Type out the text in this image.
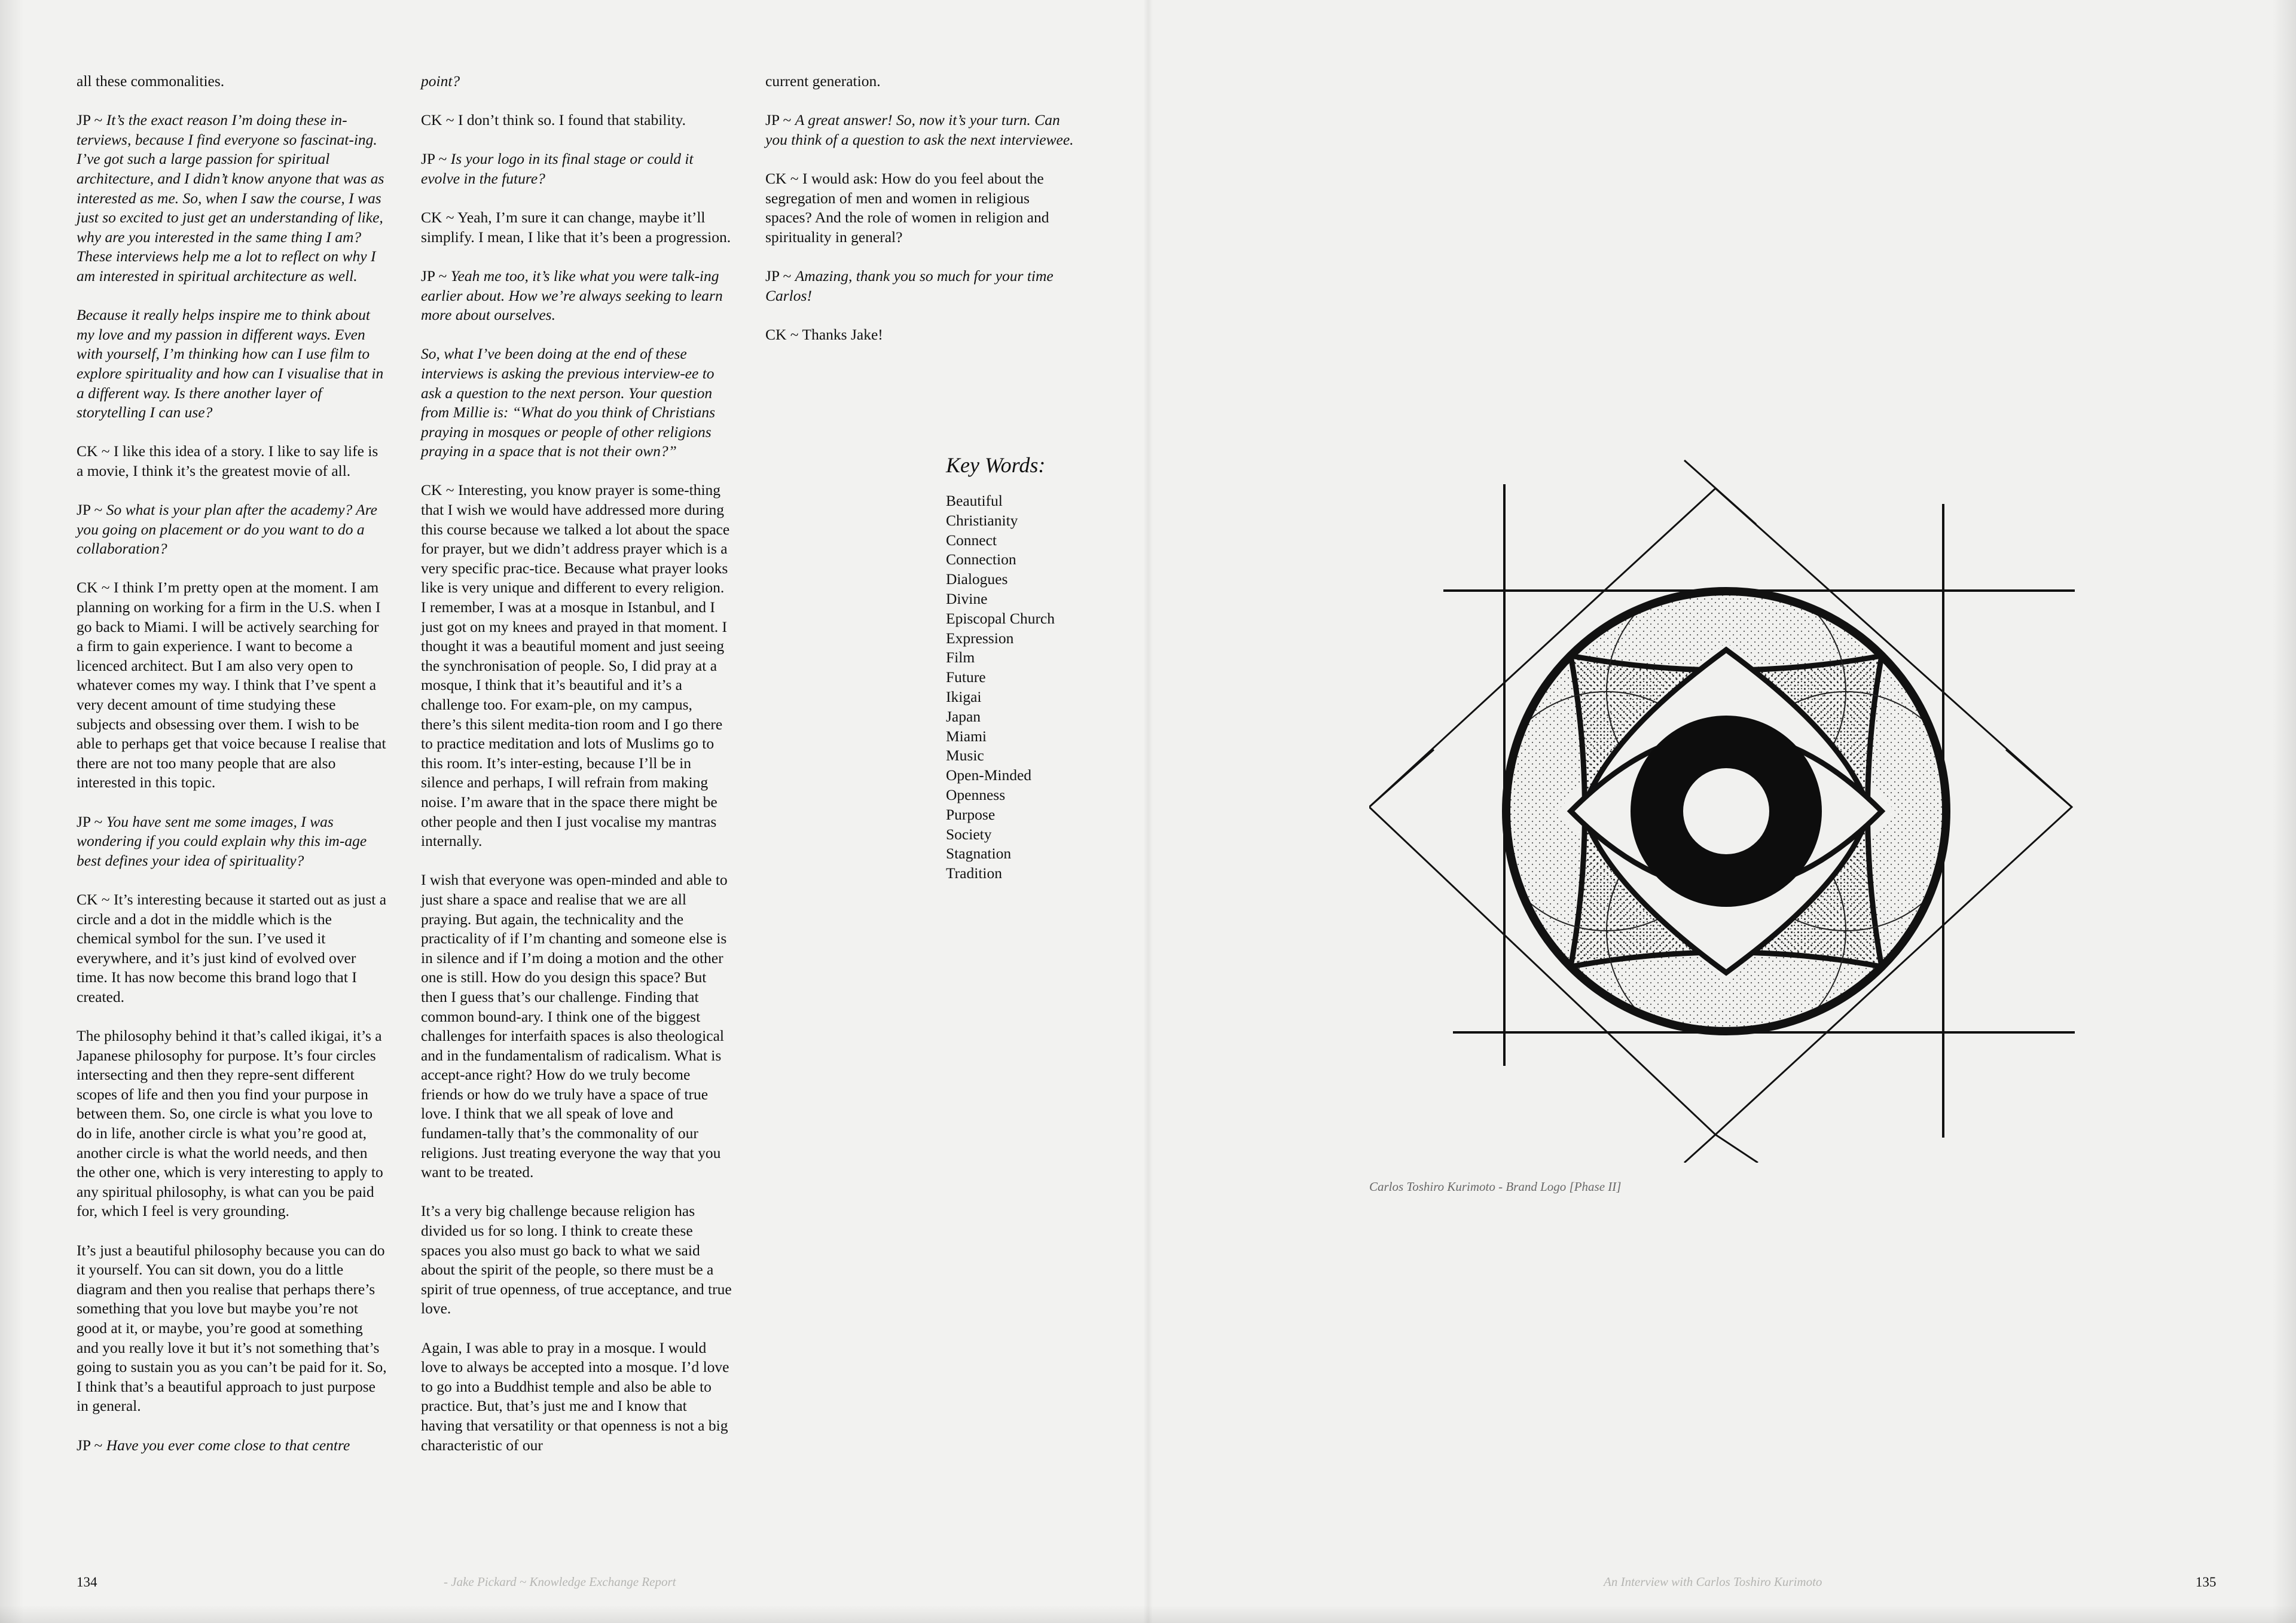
all these commonalities.

JP ~ It’s the exact reason I’m doing these in-terviews, because I find everyone so fascinat-ing. I’ve got such a large passion for spiritual architecture, and I didn’t know anyone that was as interested as me. So, when I saw the course, I was just so excited to just get an understanding of like, why are you interested in the same thing I am? These interviews help me a lot to reflect on why I am interested in spiritual architecture as well.

Because it really helps inspire me to think about my love and my passion in different ways. Even with yourself, I’m thinking how can I use film to explore spirituality and how can I visualise that in a different way. Is there another layer of storytelling I can use?

CK ~ I like this idea of a story. I like to say life is a movie, I think it’s the greatest movie of all.

JP ~ So what is your plan after the academy? Are you going on placement or do you want to do a collaboration?

CK ~ I think I’m pretty open at the moment. I am planning on working for a firm in the U.S. when I go back to Miami. I will be actively searching for a firm to gain experience. I want to become a licenced architect. But I am also very open to whatever comes my way. I think that I’ve spent a very decent amount of time studying these subjects and obsessing over them. I wish to be able to perhaps get that voice because I realise that there are not too many people that are also interested in this topic.

JP ~ You have sent me some images, I was wondering if you could explain why this im-age best defines your idea of spirituality?

CK ~ It’s interesting because it started out as just a circle and a dot in the middle which is the chemical symbol for the sun. I’ve used it everywhere, and it’s just kind of evolved over time. It has now become this brand logo that I created.

The philosophy behind it that’s called ikigai, it’s a Japanese philosophy for purpose. It’s four circles intersecting and then they repre-sent different scopes of life and then you find your purpose in between them. So, one circle is what you love to do in life, another circle is what you’re good at, another circle is what the world needs, and then the other one, which is very interesting to apply to any spiritual philosophy, is what can you be paid for, which I feel is very grounding.

It’s just a beautiful philosophy because you can do it yourself. You can sit down, you do a little diagram and then you realise that perhaps there’s something that you love but maybe you’re not good at it, or maybe, you’re good at something and you really love it but it’s not something that’s going to sustain you as you can’t be paid for it. So, I think that’s a beautiful approach to just purpose in general.

JP ~ Have you ever come close to that centre

point?

CK ~ I don’t think so. I found that stability.

JP ~ Is your logo in its final stage or could it evolve in the future?

CK ~ Yeah, I’m sure it can change, maybe it’ll simplify. I mean, I like that it’s been a progression.

JP ~ Yeah me too, it’s like what you were talk-ing earlier about. How we’re always seeking to learn more about ourselves.

So, what I’ve been doing at the end of these interviews is asking the previous interview-ee to ask a question to the next person. Your question from Millie is: “What do you think of Christians praying in mosques or people of other religions praying in a space that is not their own?”

CK ~ Interesting, you know prayer is some-thing that I wish we would have addressed more during this course because we talked a lot about the space for prayer, but we didn’t address prayer which is a very specific prac-tice. Because what prayer looks like is very unique and different to every religion.

I remember, I was at a mosque in Istanbul, and I just got on my knees and prayed in that moment. I thought it was a beautiful moment and just seeing the synchronisation of people. So, I did pray at a mosque, I think that it’s beautiful and it’s a challenge too. For exam-ple, on my campus, there’s this silent medita-tion room and I go there to practice meditation and lots of Muslims go to this room. It’s inter-esting, because I’ll be in silence and perhaps, I will refrain from making noise. I’m aware that in the space there might be other people and then I just vocalise my mantras internally.

I wish that everyone was open-minded and able to just share a space and realise that we are all praying. But again, the technicality and the practicality of if I’m chanting and someone else is in silence and if I’m doing a motion and the other one is still. How do you design this space? But then I guess that’s our challenge. Finding that common bound-ary. I think one of the biggest challenges for interfaith spaces is also theological and in the fundamentalism of radicalism. What is accept-ance right? How do we truly become friends or how do we truly have a space of true love. I think that we all speak of love and fundamen-tally that’s the commonality of our religions. Just treating everyone the way that you want to be treated.

It’s a very big challenge because religion has divided us for so long. I think to create these spaces you also must go back to what we said about the spirit of the people, so there must be a spirit of true openness, of true acceptance, and true love.

Again, I was able to pray in a mosque. I would love to always be accepted into a mosque. I’d love to go into a Buddhist temple and also be able to practice. But, that’s just me and I know that having that versatility or that openness is not a big characteristic of our

current generation.

JP ~ A great answer! So, now it’s your turn. Can you think of a question to ask the next interviewee.

CK ~ I would ask: How do you feel about the segregation of men and women in religious spaces? And the role of women in religion and spirituality in general?

JP ~ Amazing, thank you so much for your time Carlos!

CK ~ Thanks Jake!

Key Words:
Beautiful
Christianity
Connect
Connection
Dialogues
Divine
Episcopal Church
Expression
Film
Future
Ikigai
Japan
Miami
Music
Open-Minded
Openness
Purpose
Society
Stagnation
Tradition
Carlos Toshiro Kurimoto - Brand Logo [Phase II]
134	- Jake Pickard ~ Knowledge Exchange Report	An Interview with Carlos Toshiro Kurimoto	135
